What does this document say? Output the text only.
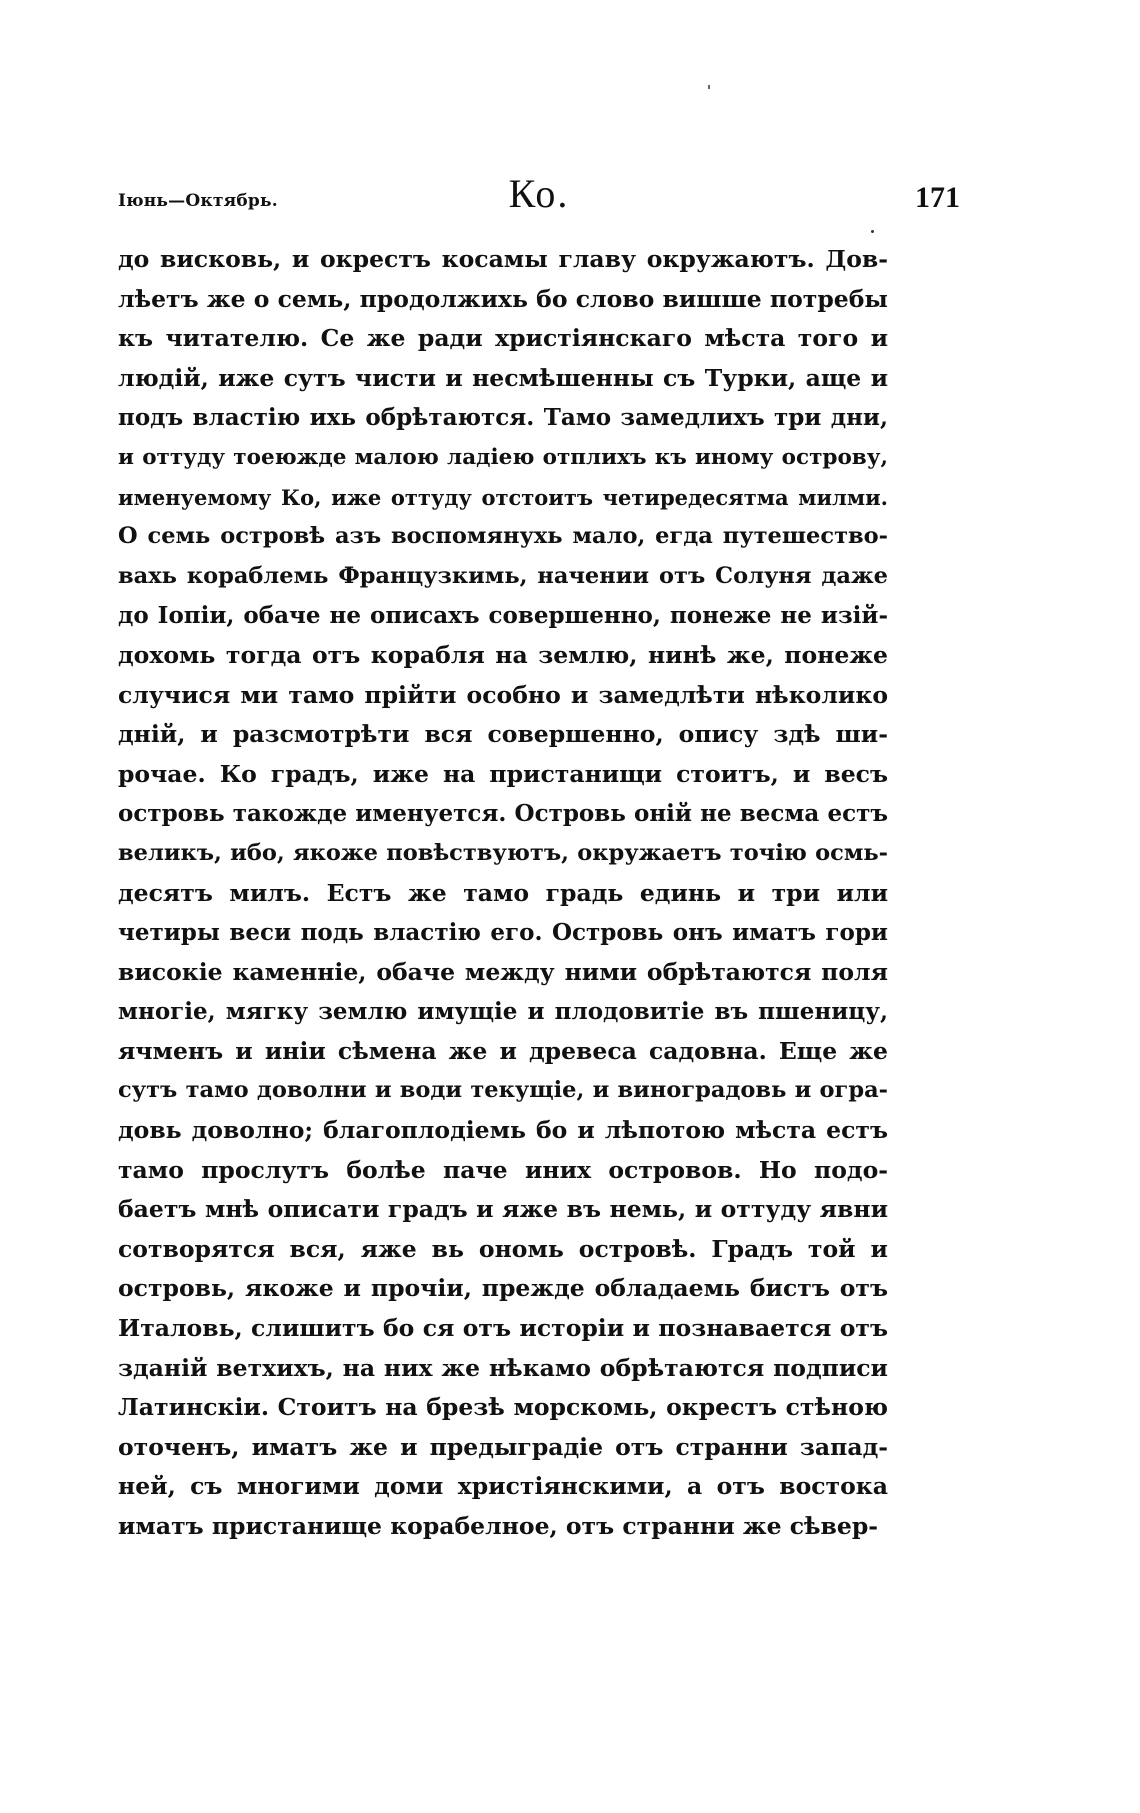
Іюнь—Октябрь.	Ко.	171
до висковь, и окрестъ косамы главу окружаютъ. Дов-
лѣетъ же о семь, продолжихь бо слово вишше потребы
къ читателю. Се же ради христіянскаго мѣста того и
людій, иже сутъ чисти и несмѣшенны съ Турки, аще и
подъ властію ихь обрѣтаются. Тамо замедлихъ три дни,
и оттуду тоеюжде малою ладіею отплихъ къ иному острову,
именуемому Ко, иже оттуду отстоитъ четиредесятма милми.
О семь островѣ азъ воспомянухь мало, егда путешество-
вахь кораблемь Французкимь, начении отъ Солуня даже
до Іопіи, обаче не описахъ совершенно, понеже не изій-
дохомь тогда отъ корабля на землю, нинѣ же, понеже
случися ми тамо прійти особно и замедлѣти нѣколико
дній, и разсмотрѣти вся совершенно, опису здѣ ши-
рочае. Ко градъ, иже на пристанищи стоитъ, и весъ
островь такожде именуется. Островь оній не весма естъ
великъ, ибо, якоже повѣствуютъ, окружаетъ точію осмь-
десятъ милъ. Естъ же тамо градь единь и три или
четиры веси подь властію его. Островь онъ иматъ гори
високіе каменніе, обаче между ними обрѣтаются поля
многіе, мягку землю имущіе и плодовитіе въ пшеницу,
ячменъ и иніи сѣмена же и древеса садовна. Еще же
сутъ тамо доволни и води текущіе, и виноградовь и огра-
довь доволно; благоплодіемь бо и лѣпотою мѣста естъ
тамо прослутъ болѣе паче иних островов. Но подо-
баетъ мнѣ описати градъ и яже въ немь, и оттуду явни
сотворятся вся, яже вь ономь островѣ. Градъ той и
островь, якоже и прочіи, прежде обладаемь бистъ отъ
Италовь, слишитъ бо ся отъ исторіи и познавается отъ
зданій ветхихъ, на них же нѣкамо обрѣтаются подписи
Латинскіи. Стоитъ на брезѣ морскомь, окрестъ стѣною
оточенъ, иматъ же и предыградіе отъ странни запад-
ней, съ многими доми христіянскими, а отъ востока
иматъ пристанище корабелное, отъ странни же сѣвер-
